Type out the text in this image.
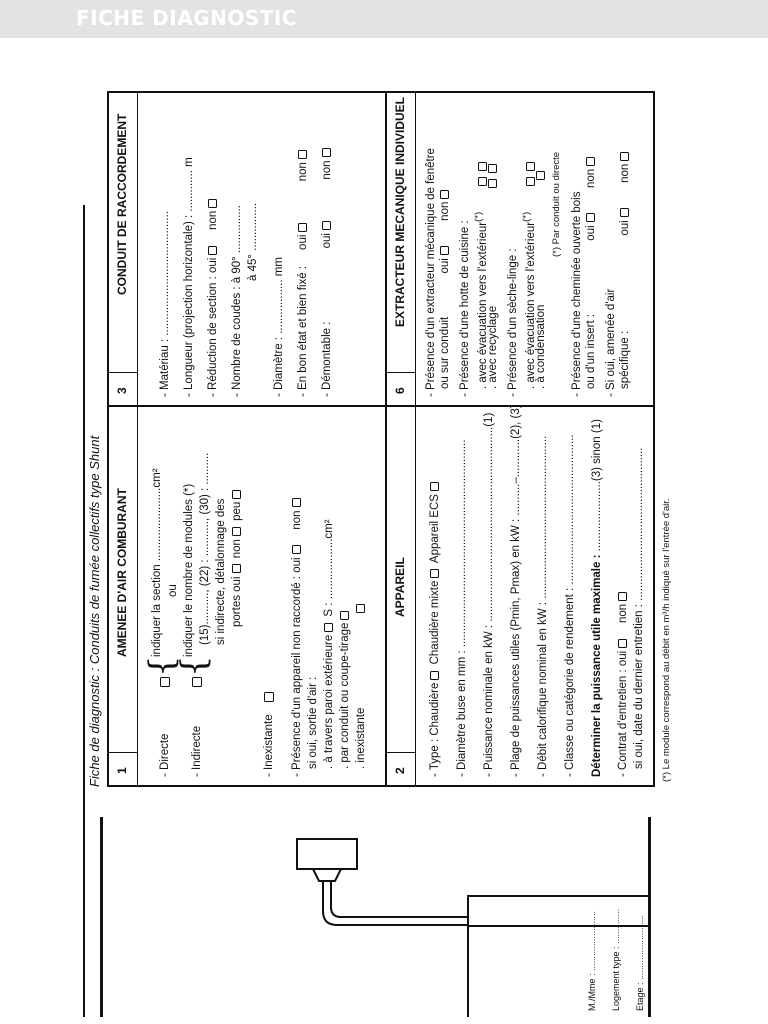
FICHE DIAGNOSTIC
Fiche de diagnostic : Conduits de fumée collectifs type Shunt	(*) Le module correspond au débit en m³/h indiqué sur l'entrée d'air.
Etage : ..........................
Logement type : ..............
M./Mme : ........................
1
AMENEE D'AIR COMBURANT
- Directe
{
indiquer la section .......................cm² ou
- Indirecte
{
indiquer le nombre de modules (*) (15).........., (22) : ..........., (30) : .......... si indirecte, détalonnage des portes oui non peu
- Inexistante - Présence d'un appareil non raccordé : oui    non
si oui, sortie d'air : . à travers paroi extérieure S : ...................cm²
. par conduit ou coupe-tirage . inexistante
2
APPAREIL
- Type : Chaudière Chaudière mixte Appareil ECS - Diamètre buse en mm : ................................................................. - Puissance nominale en kW : .............................................................(1) - Plage de puissances utiles (Pmin, Pmax) en kW : ..........–............(2), (3) - Débit calorifique nominal en kW : ................................................... - Classe ou catégorie de rendement : ............................................... Déterminer la puissance utile maximale : ......................(3) sinon (1)
- Contrat d'entretien : oui    non si oui, date du dernier entretien : ................................................
3
CONDUIT DE RACCORDEMENT
- Matériau : ....................................... - Longueur (projection horizontale) : ............. m - Réduction de section : oui    non - Nombre de coudes : à 90° ............... à 45° ...............
- Diamètre : ................. mm - En bon état et bien fixé :     oui            non
- Démontable : oui            non
6
EXTRACTEUR MECANIQUE INDIVIDUEL - Présence d'un extracteur mécanique de fenêtre ou sur conduit oui       non
- Présence d'une hotte de cuisine : . avec évacuation vers l'extérieur(*)
. avec recyclage - Présence d'un sèche-linge : . avec évacuation vers l'extérieur(*)
. à condensation
(*) Par conduit ou directe - Présence d'une cheminée ouverte bois ou d'un insert : oui       non
- Si oui, amenée d'air spécifique : oui       non
